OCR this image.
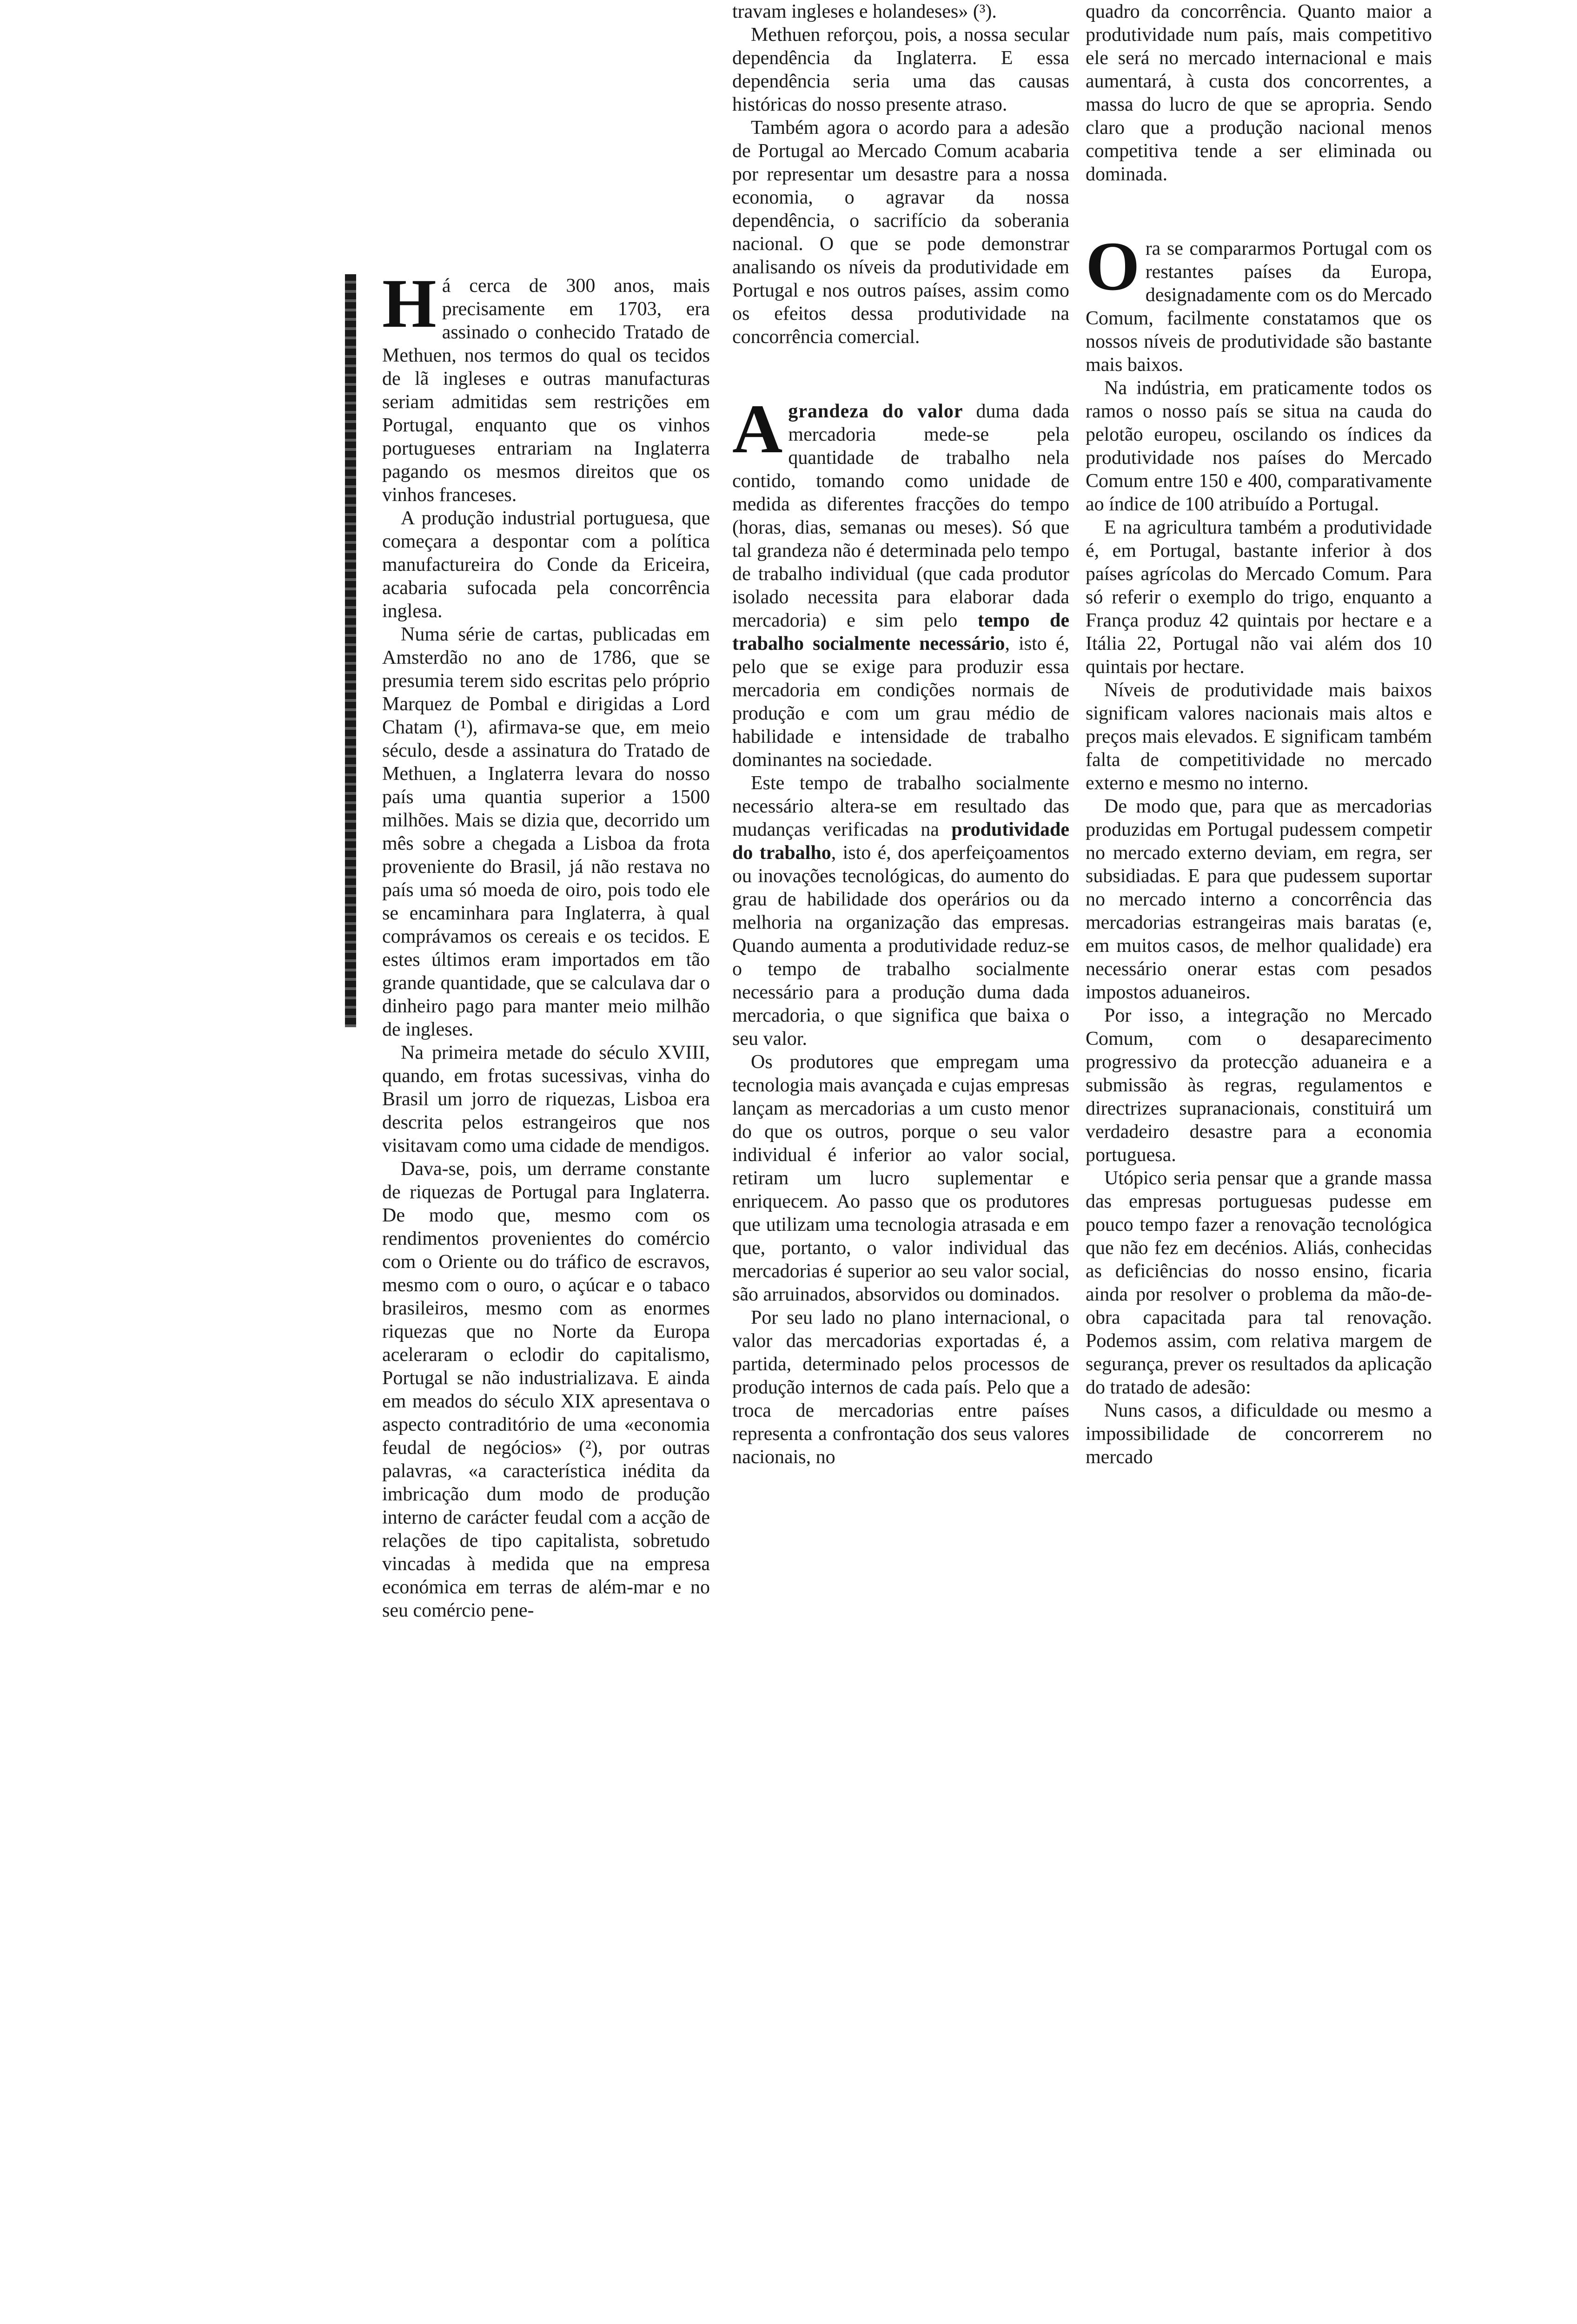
Há cerca de 300 anos, mais precisamente em 1703, era assinado o conhecido Tratado de Methuen, nos termos do qual os tecidos de lã ingleses e outras manufacturas seriam admitidas sem restrições em Portugal, enquanto que os vinhos portugueses entrariam na Inglaterra pagando os mesmos direitos que os vinhos franceses.

A produção industrial portuguesa, que começara a despontar com a política manufactureira do Conde da Ericeira, acabaria sufocada pela concorrência inglesa.

Numa série de cartas, publicadas em Amsterdão no ano de 1786, que se presumia terem sido escritas pelo próprio Marquez de Pombal e dirigidas a Lord Chatam (¹), afirmava-se que, em meio século, desde a assinatura do Tratado de Methuen, a Inglaterra levara do nosso país uma quantia superior a 1500 milhões. Mais se dizia que, decorrido um mês sobre a chegada a Lisboa da frota proveniente do Brasil, já não restava no país uma só moeda de oiro, pois todo ele se encaminhara para Inglaterra, à qual comprávamos os cereais e os tecidos. E estes últimos eram importados em tão grande quantidade, que se calculava dar o dinheiro pago para manter meio milhão de ingleses.

Na primeira metade do século XVIII, quando, em frotas sucessivas, vinha do Brasil um jorro de riquezas, Lisboa era descrita pelos estrangeiros que nos visitavam como uma cidade de mendigos.

Dava-se, pois, um derrame constante de riquezas de Portugal para Inglaterra. De modo que, mesmo com os rendimentos provenientes do comércio com o Oriente ou do tráfico de escravos, mesmo com o ouro, o açúcar e o tabaco brasileiros, mesmo com as enormes riquezas que no Norte da Europa aceleraram o eclodir do capitalismo, Portugal se não industrializava. E ainda em meados do século XIX apresentava o aspecto contraditório de uma «economia feudal de negócios» (²), por outras palavras, «a característica inédita da imbricação dum modo de produção interno de carácter feudal com a acção de relações de tipo capitalista, sobretudo vincadas à medida que na empresa económica em terras de além-mar e no seu comércio pene-

travam ingleses e holandeses» (³).

Methuen reforçou, pois, a nossa secular dependência da Inglaterra. E essa dependência seria uma das causas históricas do nosso presente atraso.

Também agora o acordo para a adesão de Portugal ao Mercado Comum acabaria por representar um desastre para a nossa economia, o agravar da nossa dependência, o sacrifício da soberania nacional. O que se pode demonstrar analisando os níveis da produtividade em Portugal e nos outros países, assim como os efeitos dessa produtividade na concorrência comercial.

Agrandeza do valor duma dada mercadoria mede-se pela quantidade de trabalho nela contido, tomando como unidade de medida as diferentes fracções do tempo (horas, dias, semanas ou meses). Só que tal grandeza não é determinada pelo tempo de trabalho individual (que cada produtor isolado necessita para elaborar dada mercadoria) e sim pelo tempo de trabalho socialmente necessário, isto é, pelo que se exige para produzir essa mercadoria em condições normais de produção e com um grau médio de habilidade e intensidade de trabalho dominantes na sociedade.

Este tempo de trabalho socialmente necessário altera-se em resultado das mudanças verificadas na produtividade do trabalho, isto é, dos aperfeiçoamentos ou inovações tecnológicas, do aumento do grau de habilidade dos operários ou da melhoria na organização das empresas. Quando aumenta a produtividade reduz-se o tempo de trabalho socialmente necessário para a produção duma dada mercadoria, o que significa que baixa o seu valor.

Os produtores que empregam uma tecnologia mais avançada e cujas empresas lançam as mercadorias a um custo menor do que os outros, porque o seu valor individual é inferior ao valor social, retiram um lucro suplementar e enriquecem. Ao passo que os produtores que utilizam uma tecnologia atrasada e em que, portanto, o valor individual das mercadorias é superior ao seu valor social, são arruinados, absorvidos ou dominados.

Por seu lado no plano internacional, o valor das mercadorias exportadas é, a partida, determinado pelos processos de produção internos de cada país. Pelo que a troca de mercadorias entre países representa a confrontação dos seus valores nacionais, no

quadro da concorrência. Quanto maior a produtividade num país, mais competitivo ele será no mercado internacional e mais aumentará, à custa dos concorrentes, a massa do lucro de que se apropria. Sendo claro que a produção nacional menos competitiva tende a ser eliminada ou dominada.

Ora se compararmos Portugal com os restantes países da Europa, designadamente com os do Mercado Comum, facilmente constatamos que os nossos níveis de produtividade são bastante mais baixos.

Na indústria, em praticamente todos os ramos o nosso país se situa na cauda do pelotão europeu, oscilando os índices da produtividade nos países do Mercado Comum entre 150 e 400, comparativamente ao índice de 100 atribuído a Portugal.

E na agricultura também a produtividade é, em Portugal, bastante inferior à dos países agrícolas do Mercado Comum. Para só referir o exemplo do trigo, enquanto a França produz 42 quintais por hectare e a Itália 22, Portugal não vai além dos 10 quintais por hectare.

Níveis de produtividade mais baixos significam valores nacionais mais altos e preços mais elevados. E significam também falta de competitividade no mercado externo e mesmo no interno.

De modo que, para que as mercadorias produzidas em Portugal pudessem competir no mercado externo deviam, em regra, ser subsidiadas. E para que pudessem suportar no mercado interno a concorrência das mercadorias estrangeiras mais baratas (e, em muitos casos, de melhor qualidade) era necessário onerar estas com pesados impostos aduaneiros.

Por isso, a integração no Mercado Comum, com o desaparecimento progressivo da protecção aduaneira e a submissão às regras, regulamentos e directrizes supranacionais, constituirá um verdadeiro desastre para a economia portuguesa.

Utópico seria pensar que a grande massa das empresas portuguesas pudesse em pouco tempo fazer a renovação tecnológica que não fez em decénios. Aliás, conhecidas as deficiências do nosso ensino, ficaria ainda por resolver o problema da mão-de-obra capacitada para tal renovação. Podemos assim, com relativa margem de segurança, prever os resultados da aplicação do tratado de adesão:

Nuns casos, a dificuldade ou mesmo a impossibilidade de concorrerem no mercado
